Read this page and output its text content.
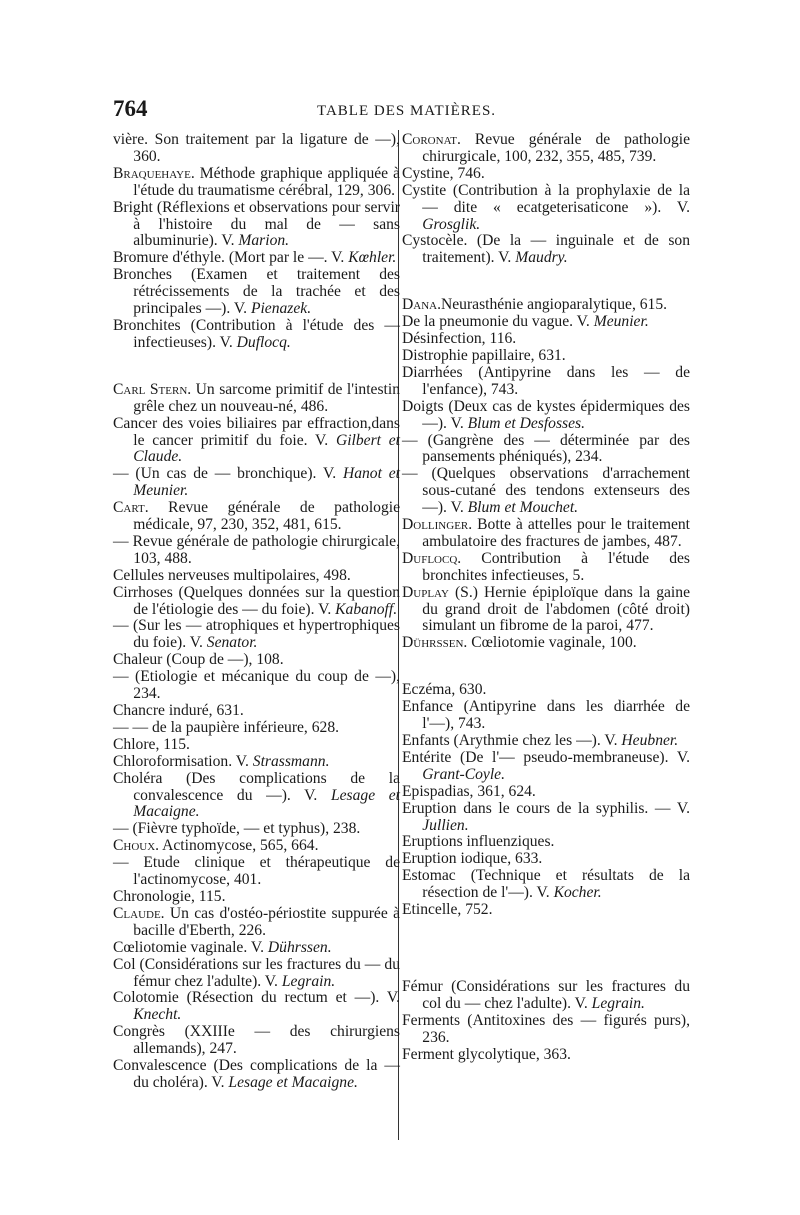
764	TABLE DES MATIÈRES.

vière. Son traitement par la ligature de —), 360.

Braquehaye. Méthode graphique appliquée à l'étude du traumatisme cérébral, 129, 306.

Bright (Réflexions et observations pour servir à l'histoire du mal de — sans albuminurie). V. Marion.

Bromure d'éthyle. (Mort par le —. V. Kœhler.

Bronches (Examen et traitement des rétrécissements de la trachée et des principales —). V. Pienazek.

Bronchites (Contribution à l'étude des — infectieuses). V. Duflocq.

Carl Stern. Un sarcome primitif de l'intestin grêle chez un nouveau-né, 486.

Cancer des voies biliaires par effraction,dans le cancer primitif du foie. V. Gilbert et Claude.

— (Un cas de — bronchique). V. Hanot et Meunier.

Cart. Revue générale de pathologie médicale, 97, 230, 352, 481, 615.

— Revue générale de pathologie chirurgicale, 103, 488.

Cellules nerveuses multipolaires, 498.

Cirrhoses (Quelques données sur la question de l'étiologie des — du foie). V. Kabanoff.

— (Sur les — atrophiques et hypertrophiques du foie). V. Senator.

Chaleur (Coup de —), 108.

— (Etiologie et mécanique du coup de —), 234.

Chancre induré, 631.

— — de la paupière inférieure, 628.

Chlore, 115.

Chloroformisation. V. Strassmann.

Choléra (Des complications de la convalescence du —). V. Lesage et Macaigne.

— (Fièvre typhoïde, — et typhus), 238.

Choux. Actinomycose, 565, 664.

— Etude clinique et thérapeutique de l'actinomycose, 401.

Chronologie, 115.

Claude. Un cas d'ostéo-périostite suppurée à bacille d'Eberth, 226.

Cœliotomie vaginale. V. Dührssen.

Col (Considérations sur les fractures du — du fémur chez l'adulte). V. Legrain.

Colotomie (Résection du rectum et —). V. Knecht.

Congrès (XXIIIe — des chirurgiens allemands), 247.

Convalescence (Des complications de la — du choléra). V. Lesage et Macaigne.

Coronat. Revue générale de pathologie chirurgicale, 100, 232, 355, 485, 739.

Cystine, 746.

Cystite (Contribution à la prophylaxie de la — dite « ecatgeterisaticone »). V. Grosglik.

Cystocèle. (De la — inguinale et de son traitement). V. Maudry.

Dana.Neurasthénie angioparalytique, 615.

De la pneumonie du vague. V. Meunier.

Désinfection, 116.

Distrophie papillaire, 631.

Diarrhées (Antipyrine dans les — de l'enfance), 743.

Doigts (Deux cas de kystes épidermiques des —). V. Blum et Desfosses.

— (Gangrène des — déterminée par des pansements phéniqués), 234.

— (Quelques observations d'arrachement sous-cutané des tendons extenseurs des —). V. Blum et Mouchet.

Dollinger. Botte à attelles pour le traitement ambulatoire des fractures de jambes, 487.

Duflocq. Contribution à l'étude des bronchites infectieuses, 5.

Duplay (S.) Hernie épiploïque dans la gaine du grand droit de l'abdomen (côté droit) simulant un fibrome de la paroi, 477.

Dührssen. Cœliotomie vaginale, 100.

Eczéma, 630.

Enfance (Antipyrine dans les diarrhée de l'—), 743.

Enfants (Arythmie chez les —). V. Heubner.

Entérite (De l'— pseudo-membraneuse). V. Grant-Coyle.

Epispadias, 361, 624.

Eruption dans le cours de la syphilis. — V. Jullien.

Eruptions influenziques.

Eruption iodique, 633.

Estomac (Technique et résultats de la résection de l'—). V. Kocher.

Etincelle, 752.

Fémur (Considérations sur les fractures du col du — chez l'adulte). V. Legrain.

Ferments (Antitoxines des — figurés purs), 236.

Ferment glycolytique, 363.
